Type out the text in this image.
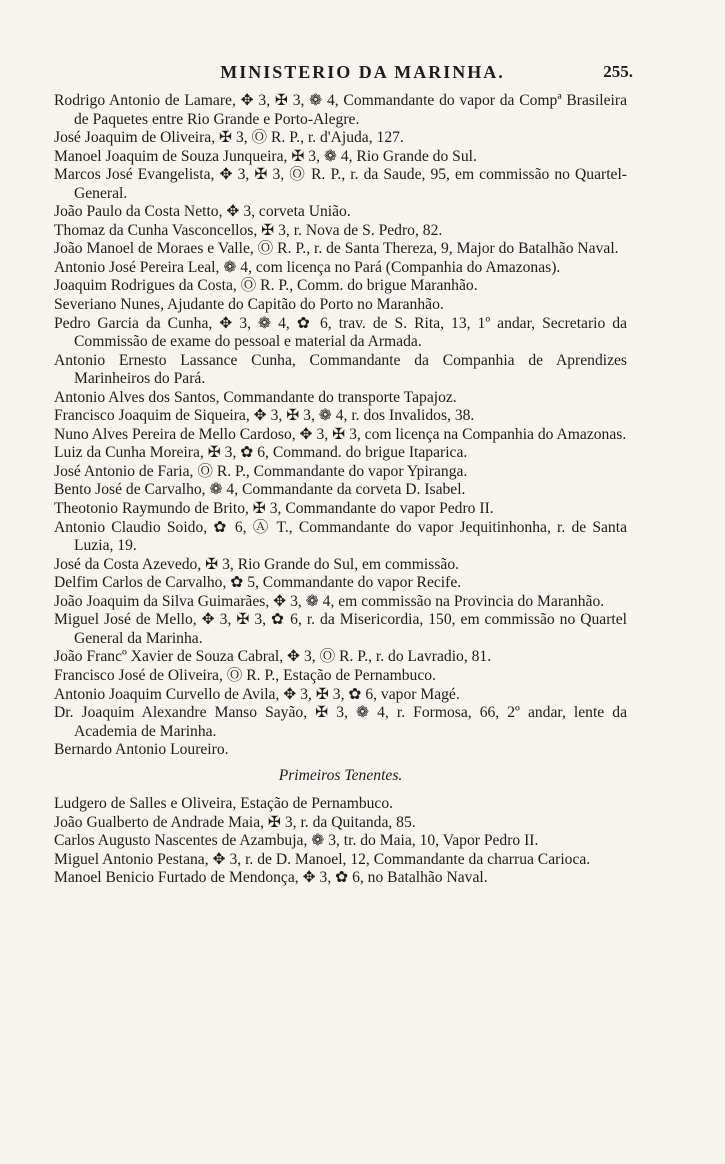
MINISTERIO DA MARINHA.	255.

Rodrigo Antonio de Lamare, ✥ 3, ✠ 3, ❁ 4, Commandante do vapor da Compª Brasileira de Paquetes entre Rio Grande e Porto-Alegre.

José Joaquim de Oliveira, ✠ 3, Ⓞ R. P., r. d'Ajuda, 127.

Manoel Joaquim de Souza Junqueira, ✠ 3, ❁ 4, Rio Grande do Sul.

Marcos José Evangelista, ✥ 3, ✠ 3, Ⓞ R. P., r. da Saude, 95, em commissão no Quartel-General.

João Paulo da Costa Netto, ✥ 3, corveta União.

Thomaz da Cunha Vasconcellos, ✠ 3, r. Nova de S. Pedro, 82.

João Manoel de Moraes e Valle, Ⓞ R. P., r. de Santa Thereza, 9, Major do Batalhão Naval.

Antonio José Pereira Leal, ❁ 4, com licença no Pará (Companhia do Amazonas).

Joaquim Rodrigues da Costa, Ⓞ R. P., Comm. do brigue Maranhão.

Severiano Nunes, Ajudante do Capitão do Porto no Maranhão.

Pedro Garcia da Cunha, ✥ 3, ❁ 4, ✿ 6, trav. de S. Rita, 13, 1º andar, Secretario da Commissão de exame do pessoal e material da Armada.

Antonio Ernesto Lassance Cunha, Commandante da Companhia de Aprendizes Marinheiros do Pará.

Antonio Alves dos Santos, Commandante do transporte Tapajoz.

Francisco Joaquim de Siqueira, ✥ 3, ✠ 3, ❁ 4, r. dos Invalidos, 38.

Nuno Alves Pereira de Mello Cardoso, ✥ 3, ✠ 3, com licença na Companhia do Amazonas.

Luiz da Cunha Moreira, ✠ 3, ✿ 6, Command. do brigue Itaparica.

José Antonio de Faria, Ⓞ R. P., Commandante do vapor Ypiranga.

Bento José de Carvalho, ❁ 4, Commandante da corveta D. Isabel.

Theotonio Raymundo de Brito, ✠ 3, Commandante do vapor Pedro II.

Antonio Claudio Soido, ✿ 6, Ⓐ T., Commandante do vapor Jequitinhonha, r. de Santa Luzia, 19.

José da Costa Azevedo, ✠ 3, Rio Grande do Sul, em commissão.

Delfim Carlos de Carvalho, ✿ 5, Commandante do vapor Recife.

João Joaquim da Silva Guimarães, ✥ 3, ❁ 4, em commissão na Provincia do Maranhão.

Miguel José de Mello, ✥ 3, ✠ 3, ✿ 6, r. da Misericordia, 150, em commissão no Quartel General da Marinha.

João Francº Xavier de Souza Cabral, ✥ 3, Ⓞ R. P., r. do Lavradio, 81.

Francisco José de Oliveira, Ⓞ R. P., Estação de Pernambuco.

Antonio Joaquim Curvello de Avila, ✥ 3, ✠ 3, ✿ 6, vapor Magé.

Dr. Joaquim Alexandre Manso Sayão, ✠ 3, ❁ 4, r. Formosa, 66, 2º andar, lente da Academia de Marinha.

Bernardo Antonio Loureiro.

Primeiros Tenentes.

Ludgero de Salles e Oliveira, Estação de Pernambuco.

João Gualberto de Andrade Maia, ✠ 3, r. da Quitanda, 85.

Carlos Augusto Nascentes de Azambuja, ❁ 3, tr. do Maia, 10, Vapor Pedro II.

Miguel Antonio Pestana, ✥ 3, r. de D. Manoel, 12, Commandante da charrua Carioca.

Manoel Benicio Furtado de Mendonça, ✥ 3, ✿ 6, no Batalhão Naval.
